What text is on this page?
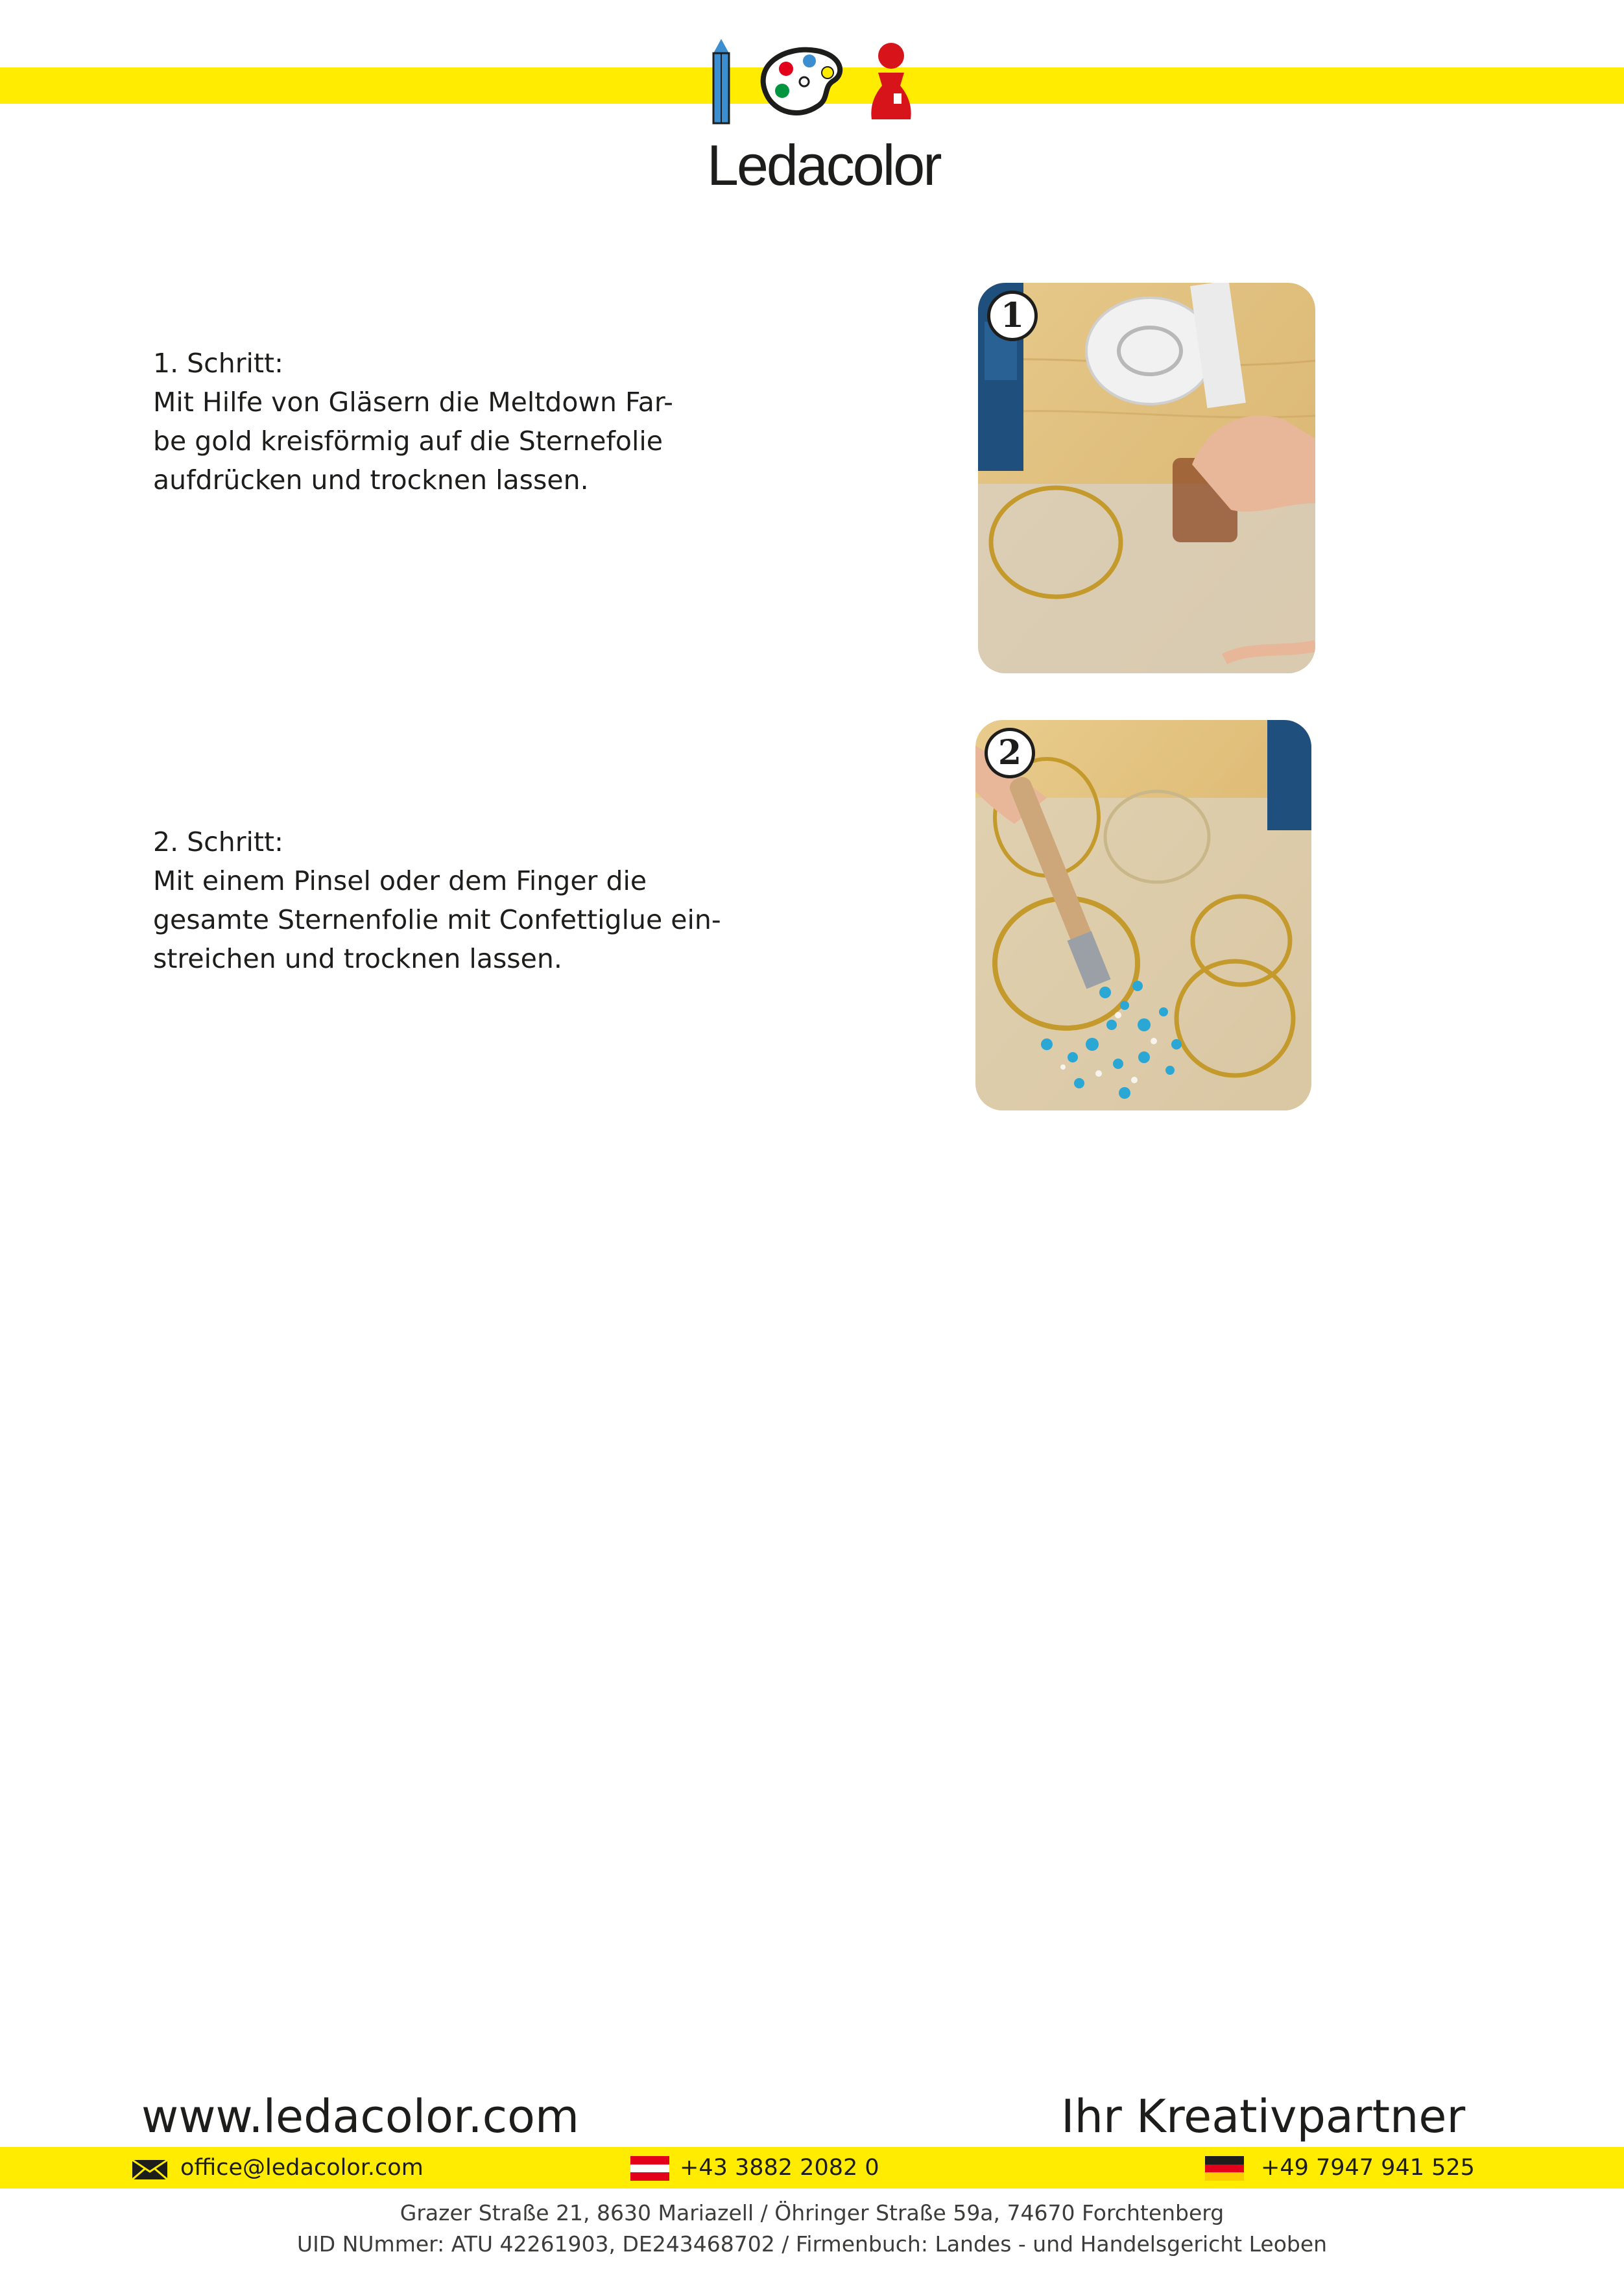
Ledacolor

1. Schritt:

Mit Hilfe von Gläsern die Meltdown Far-

be gold kreisförmig auf die Sternefolie

aufdrücken und trocknen lassen.

1

2. Schritt:

Mit einem Pinsel oder dem Finger die

gesamte Sternenfolie mit Confettiglue ein-

streichen und trocknen lassen.

2
www.ledacolor.com	Ihr Kreativpartner
office@ledacolor.com	+43 3882 2082 0	+49 7947 941 525
Grazer Straße 21, 8630 Mariazell / Öhringer Straße 59a, 74670 Forchtenberg
UID NUmmer: ATU 42261903, DE243468702 / Firmenbuch: Landes - und Handelsgericht Leoben
